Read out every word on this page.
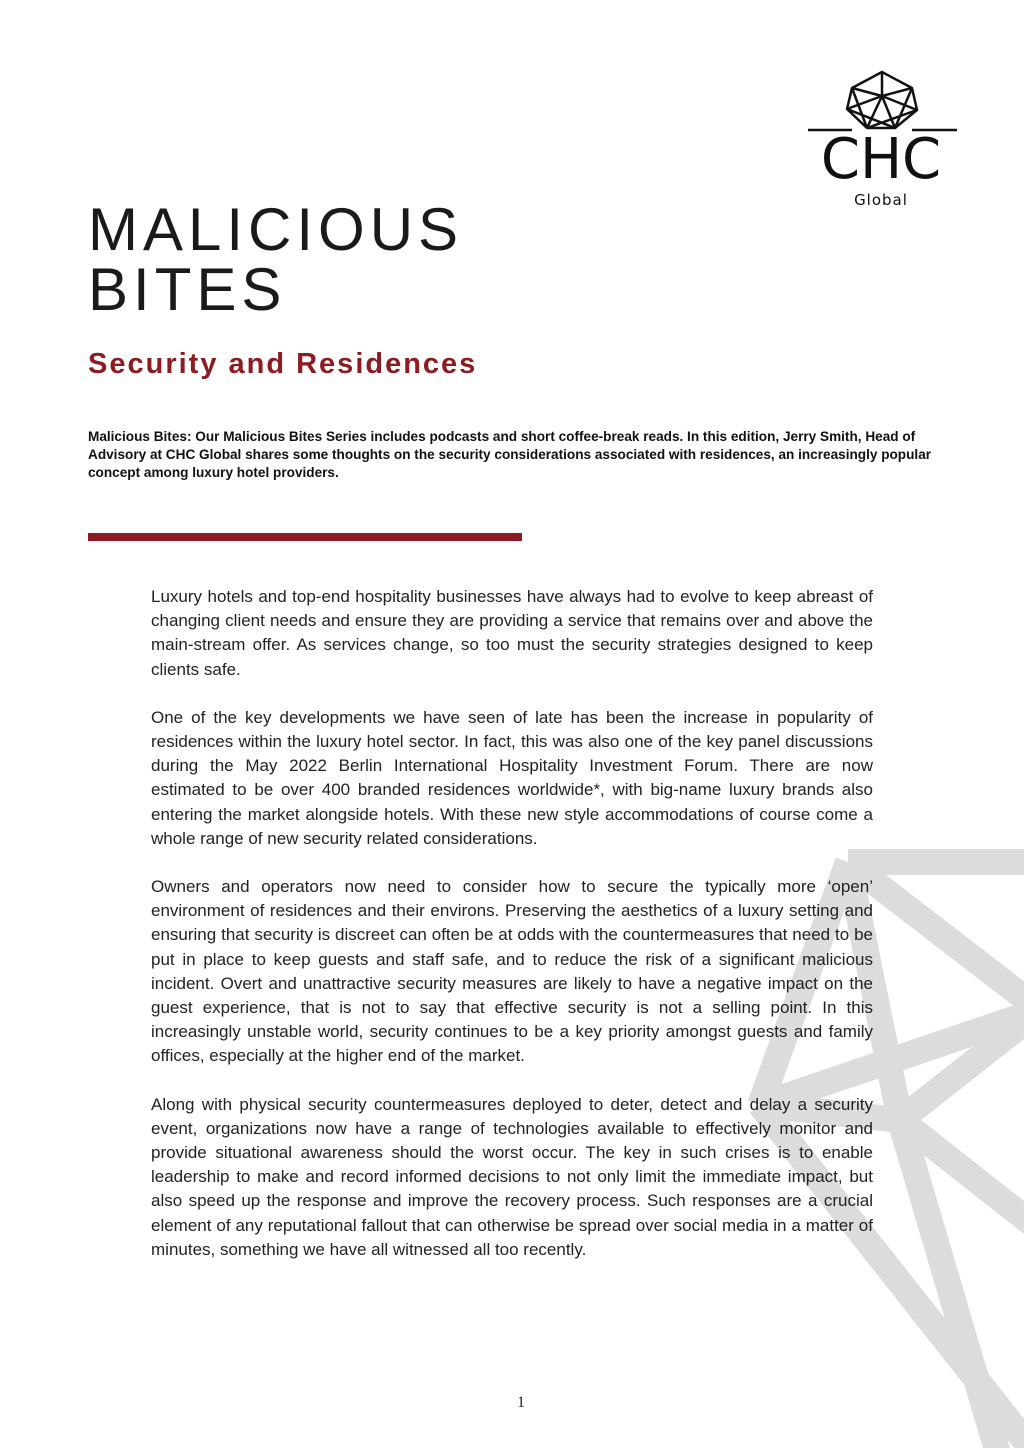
CHC
Global
MALICIOUS
BITES
Security and Residences
Malicious Bites: Our Malicious Bites Series includes podcasts and short coffee-break reads. In this edition, Jerry Smith, Head of Advisory at CHC Global shares some thoughts on the security considerations associated with residences, an increasingly popular concept among luxury hotel providers.

Luxury hotels and top-end hospitality businesses have always had to evolve to keep abreast of changing client needs and ensure they are providing a service that remains over and above the main-stream offer. As services change, so too must the security strategies designed to keep clients safe.

One of the key developments we have seen of late has been the increase in popularity of residences within the luxury hotel sector. In fact, this was also one of the key panel discussions during the May 2022 Berlin International Hospitality Investment Forum. There are now estimated to be over 400 branded residences worldwide*, with big-name luxury brands also entering the market alongside hotels. With these new style accommodations of course come a whole range of new security related considerations.

Owners and operators now need to consider how to secure the typically more ‘open’ environment of residences and their environs. Preserving the aesthetics of a luxury setting and ensuring that security is discreet can often be at odds with the countermeasures that need to be put in place to keep guests and staff safe, and to reduce the risk of a significant malicious incident. Overt and unattractive security measures are likely to have a negative impact on the guest experience, that is not to say that effective security is not a selling point. In this increasingly unstable world, security continues to be a key priority amongst guests and family offices, especially at the higher end of the market.

Along with physical security countermeasures deployed to deter, detect and delay a security event, organizations now have a range of technologies available to effectively monitor and provide situational awareness should the worst occur. The key in such crises is to enable leadership to make and record informed decisions to not only limit the immediate impact, but also speed up the response and improve the recovery process. Such responses are a crucial element of any reputational fallout that can otherwise be spread over social media in a matter of minutes, something we have all witnessed all too recently.

1
